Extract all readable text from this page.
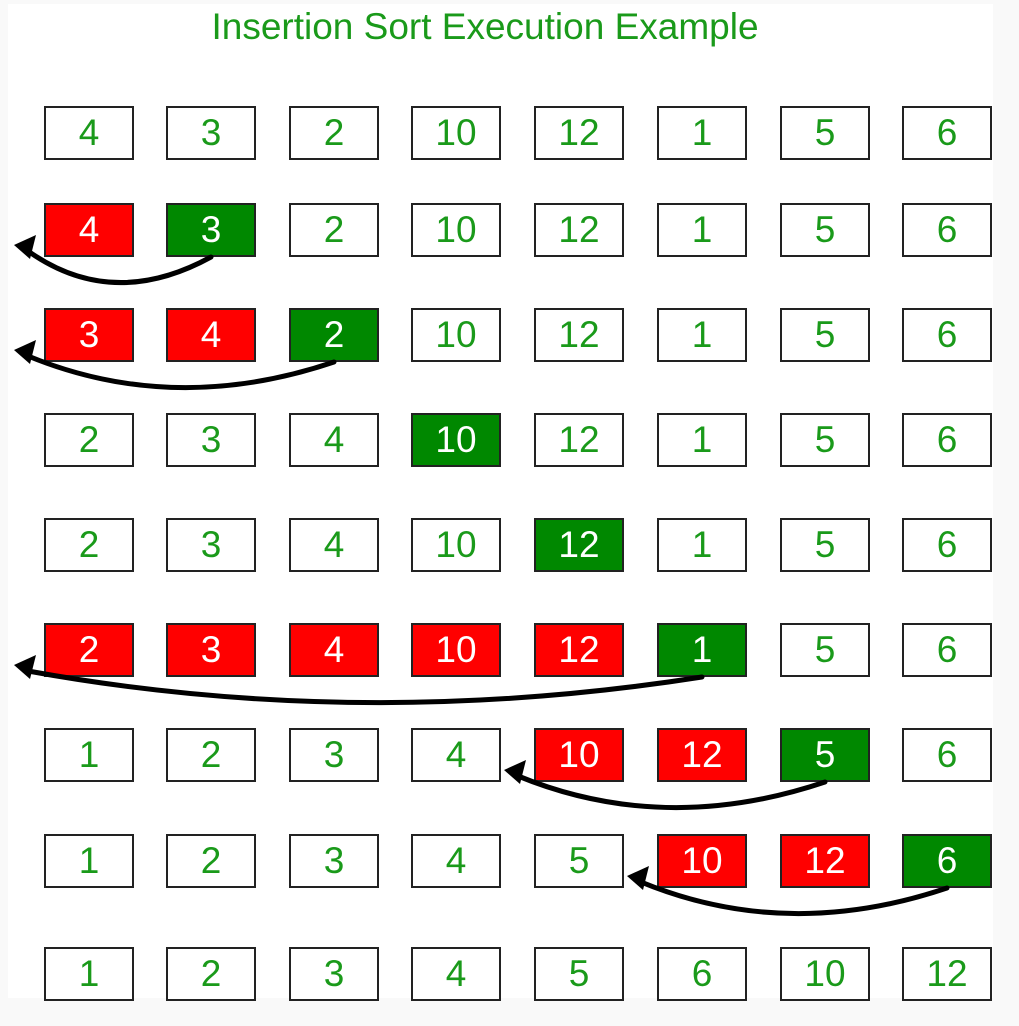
Insertion Sort Execution Example
4	3	2	10	12	1	5	6
4	3	2	10	12	1	5	6
3	4	2	10	12	1	5	6
2	3	4	10	12	1	5	6
2	3	4	10	12	1	5	6
2	3	4	10	12	1	5	6
1	2	3	4	10	12	5	6
1	2	3	4	5	10	12	6
1	2	3	4	5	6	10	12
